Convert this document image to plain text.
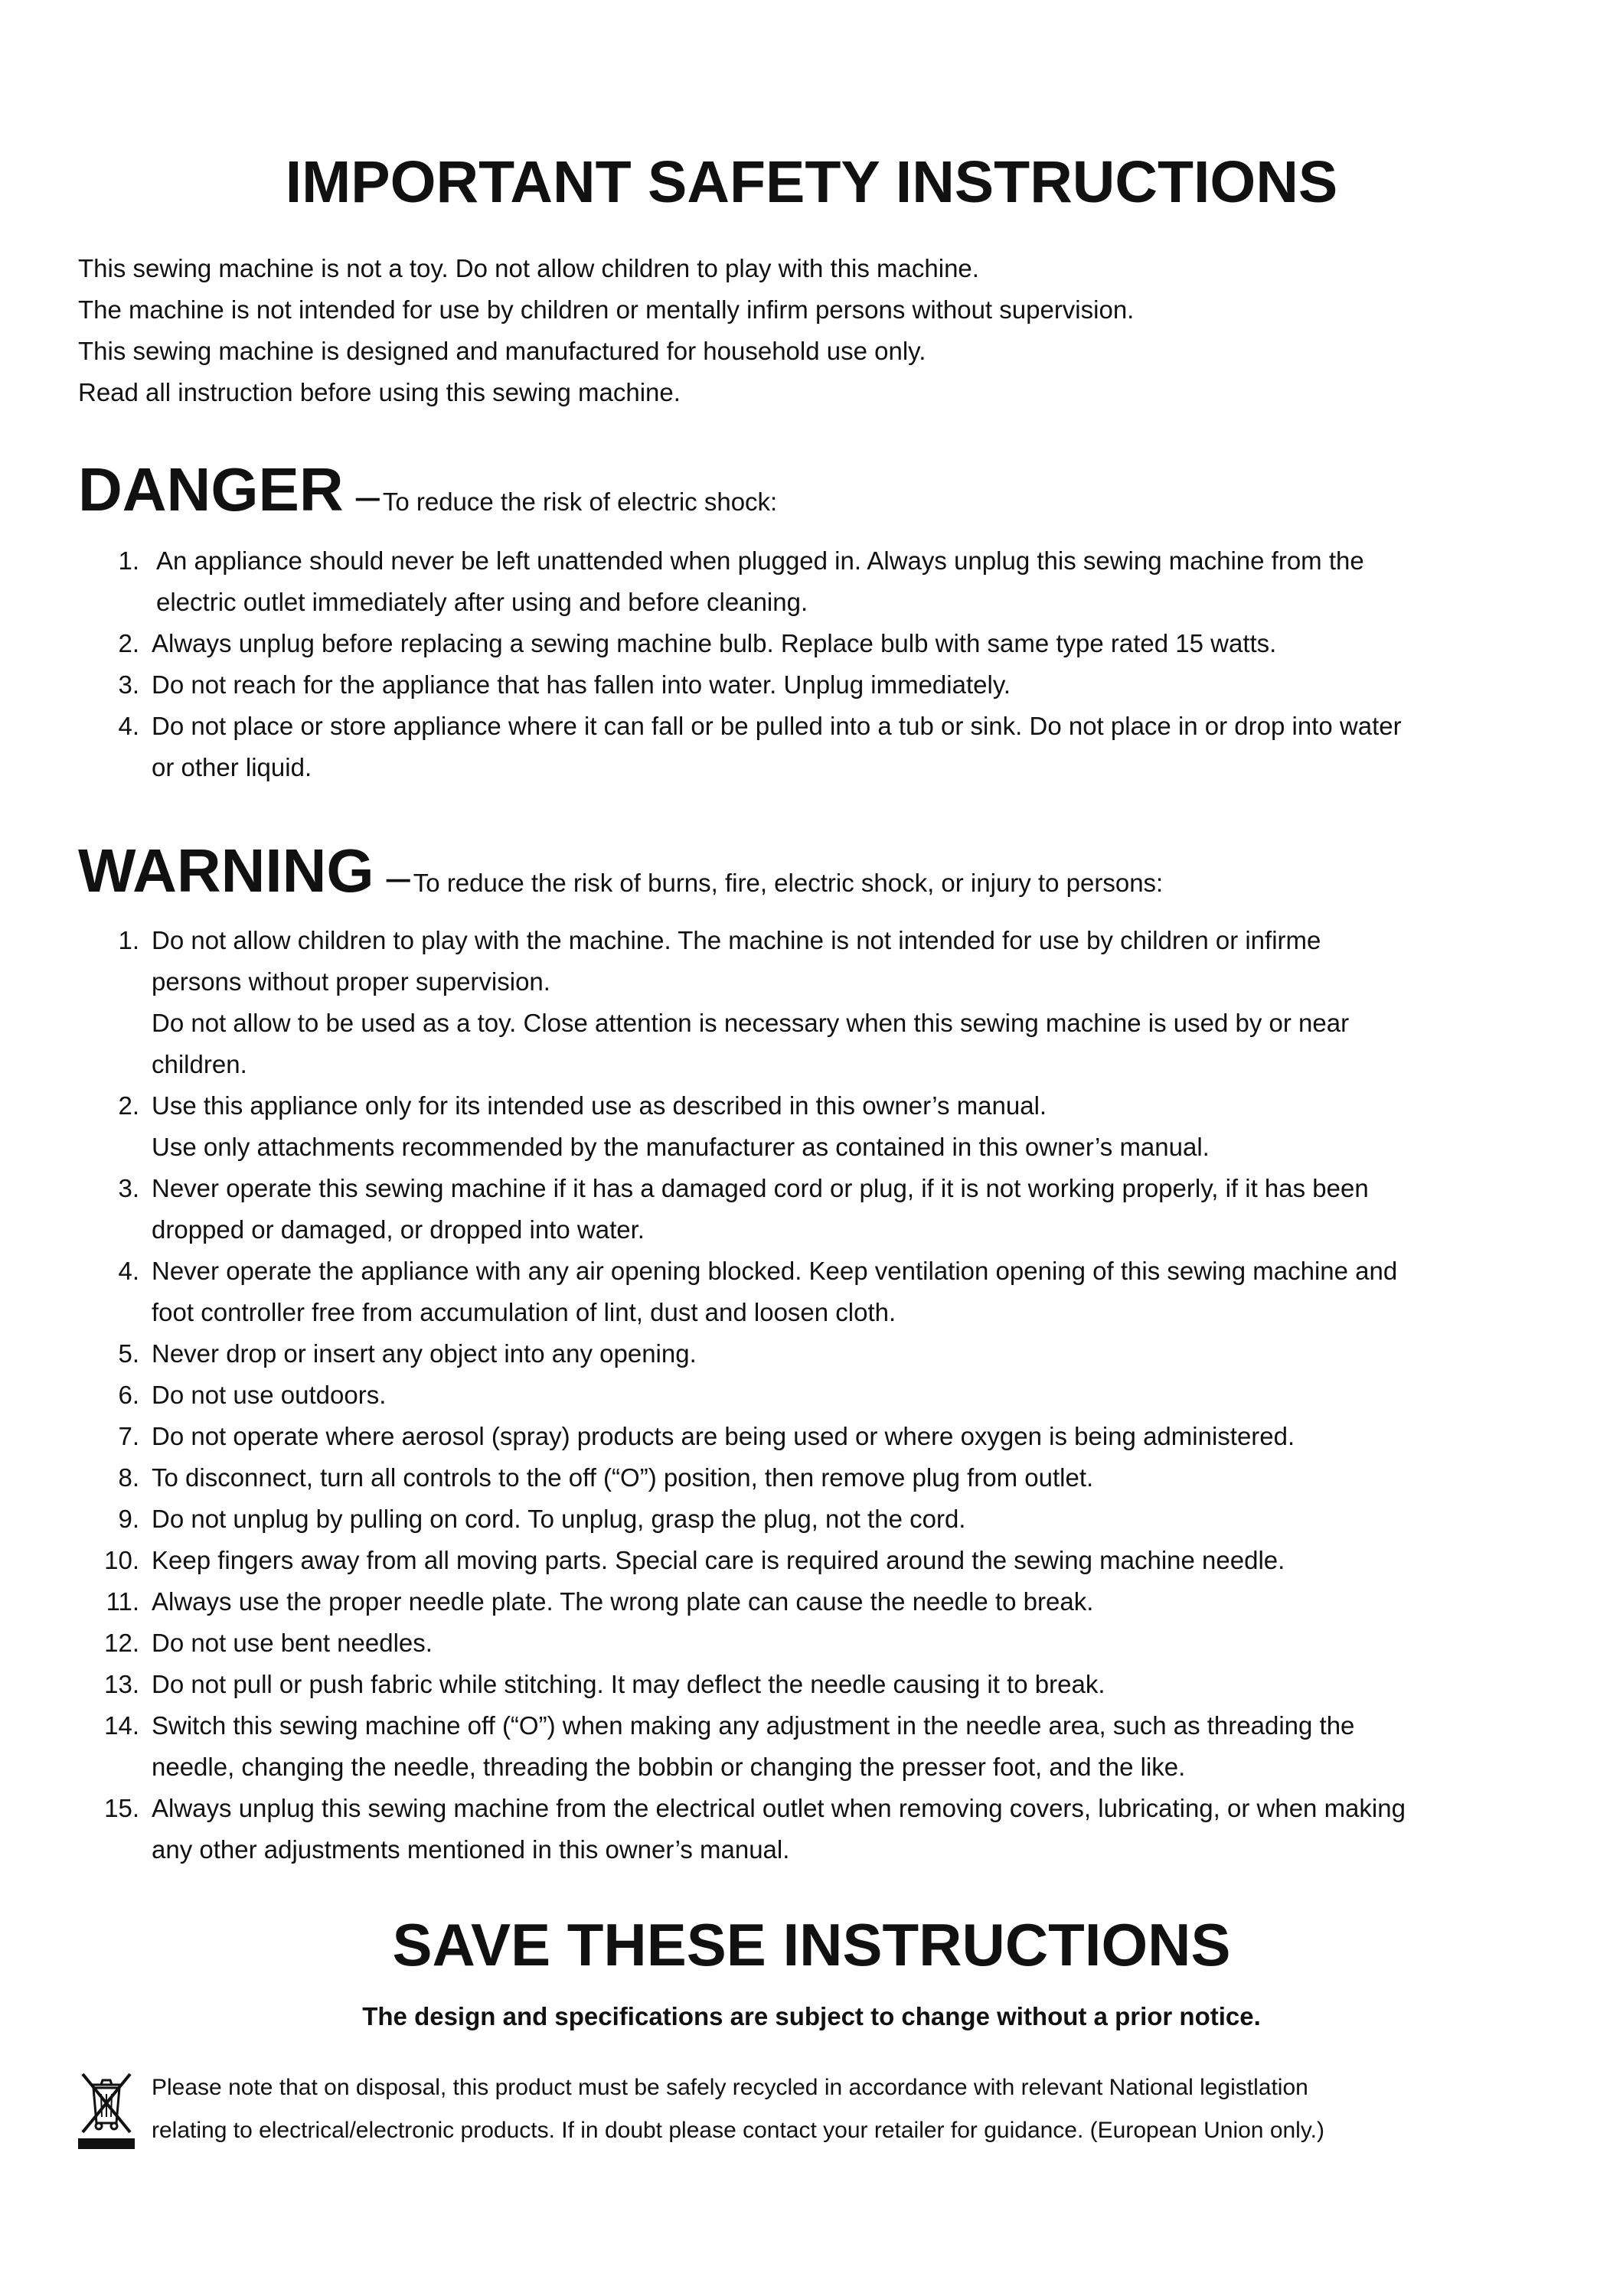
IMPORTANT SAFETY INSTRUCTIONS

This sewing machine is not a toy. Do not allow children to play with this machine.

The machine is not intended for use by children or mentally infirm persons without supervision.

This sewing machine is designed and manufactured for household use only.

Read all instruction before using this sewing machine.

DANGER – To reduce the risk of electric shock:
1. An appliance should never be left unattended when plugged in. Always unplug this sewing machine from the
electric outlet immediately after using and before cleaning.
2. Always unplug before replacing a sewing machine bulb. Replace bulb with same type rated 15 watts.
3. Do not reach for the appliance that has fallen into water. Unplug immediately.
4. Do not place or store appliance where it can fall or be pulled into a tub or sink. Do not place in or drop into water
or other liquid.
WARNING – To reduce the risk of burns, fire, electric shock, or injury to persons:
1. Do not allow children to play with the machine. The machine is not intended for use by children or infirme
persons without proper supervision.
Do not allow to be used as a toy. Close attention is necessary when this sewing machine is used by or near
children.
2. Use this appliance only for its intended use as described in this owner’s manual.
Use only attachments recommended by the manufacturer as contained in this owner’s manual.
3. Never operate this sewing machine if it has a damaged cord or plug, if it is not working properly, if it has been
dropped or damaged, or dropped into water.
4. Never operate the appliance with any air opening blocked. Keep ventilation opening of this sewing machine and
foot controller free from accumulation of lint, dust and loosen cloth.
5. Never drop or insert any object into any opening.
6. Do not use outdoors.
7. Do not operate where aerosol (spray) products are being used or where oxygen is being administered.
8. To disconnect, turn all controls to the off (“O”) position, then remove plug from outlet.
9. Do not unplug by pulling on cord. To unplug, grasp the plug, not the cord.
10. Keep fingers away from all moving parts. Special care is required around the sewing machine needle.
11. Always use the proper needle plate. The wrong plate can cause the needle to break.
12. Do not use bent needles.
13. Do not pull or push fabric while stitching. It may deflect the needle causing it to break.
14. Switch this sewing machine off (“O”) when making any adjustment in the needle area, such as threading the
needle, changing the needle, threading the bobbin or changing the presser foot, and the like.
15. Always unplug this sewing machine from the electrical outlet when removing covers, lubricating, or when making
any other adjustments mentioned in this owner’s manual.
SAVE THESE INSTRUCTIONS

The design and specifications are subject to change without a prior notice.

Please note that on disposal, this product must be safely recycled in accordance with relevant National legistlation

relating to electrical/electronic products. If in doubt please contact your retailer for guidance. (European Union only.)
